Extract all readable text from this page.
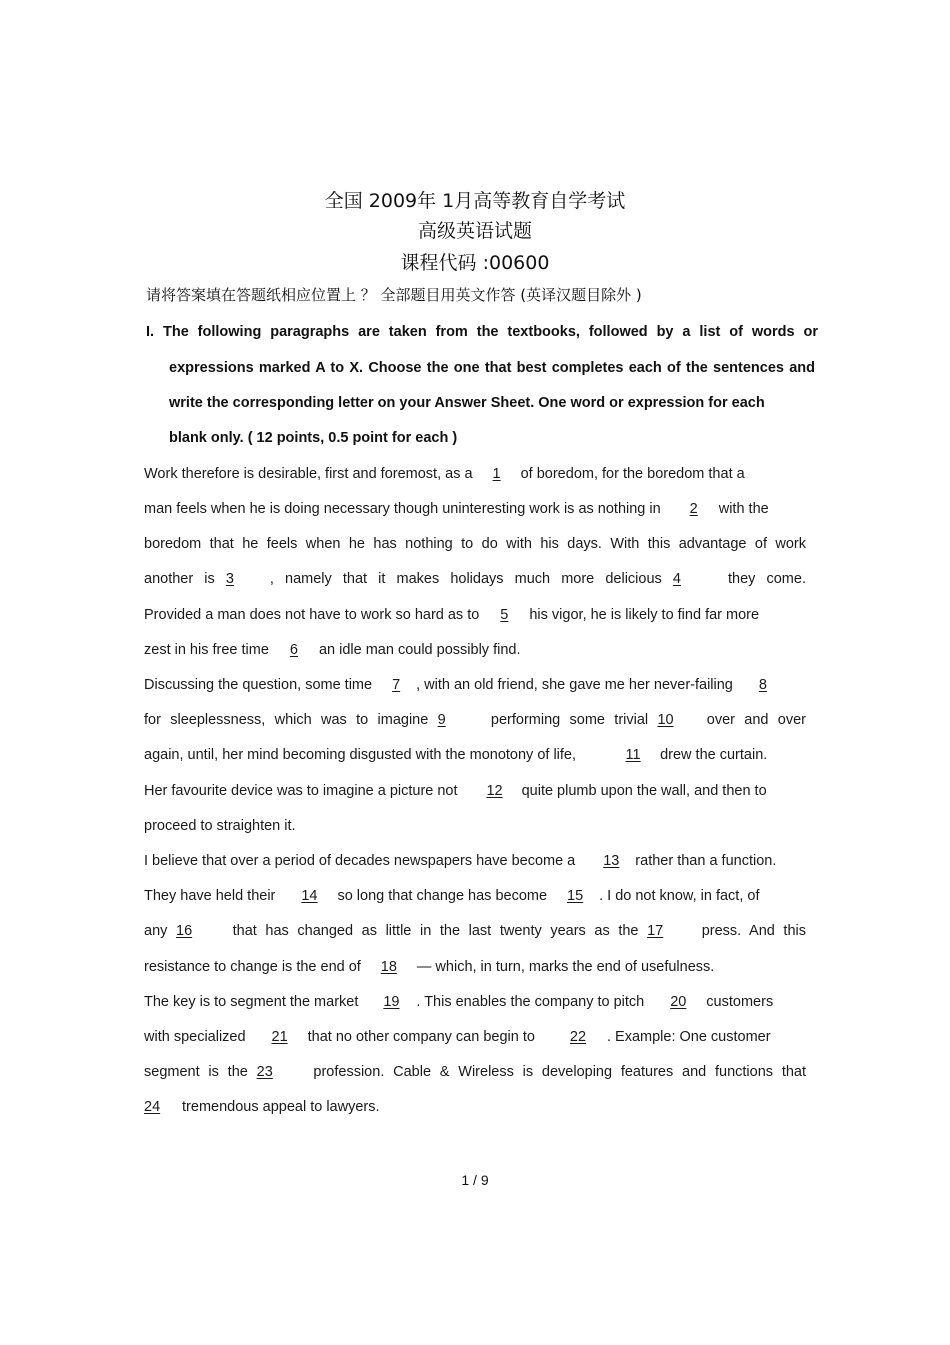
全国 2009年 1月高等教育自学考试
高级英语试题
课程代码 :00600
请将答案填在答题纸相应位置上 ？ 全部题目用英文作答 (英译汉题目除外 )
I. The following paragraphs are taken from the textbooks, followed by a list of words or
expressions marked A to X. Choose the one that best completes each of the sentences and
write the corresponding letter on your Answer Sheet. One word or expression for each
blank only. ( 12 points, 0.5 point for each )
Work therefore is desirable, first and foremost, as a 1 of boredom, for the boredom that a
man feels when he is doing necessary though uninteresting work is as nothing in 2 with the
boredom that he feels when he has nothing to do with his days. With this advantage of work
another is 3 , namely that it makes holidays much more delicious 4 they come.
Provided a man does not have to work so hard as to 5 his vigor, he is likely to find far more
zest in his free time 6 an idle man could possibly find.
Discussing the question, some time 7 , with an old friend, she gave me her never-failing 8
for sleeplessness, which was to imagine 9 performing some trivial 10 over and over
again, until, her mind becoming disgusted with the monotony of life,	11 drew the curtain.
Her favourite device was to imagine a picture not 12 quite plumb upon the wall, and then to
proceed to straighten it.
I believe that over a period of decades newspapers have become a 13 rather than a function.
They have held their 14 so long that change has become 15 . I do not know, in fact, of
any 16 that has changed as little in the last twenty years as the 17 press. And this
resistance to change is the end of 18 — which, in turn, marks the end of usefulness.
The key is to segment the market 19 . This enables the company to pitch 20 customers
with specialized 21 that no other company can begin to 22 . Example: One customer
segment is the 23 profession. Cable & Wireless is developing features and functions that
24 tremendous appeal to lawyers.
1 / 9
